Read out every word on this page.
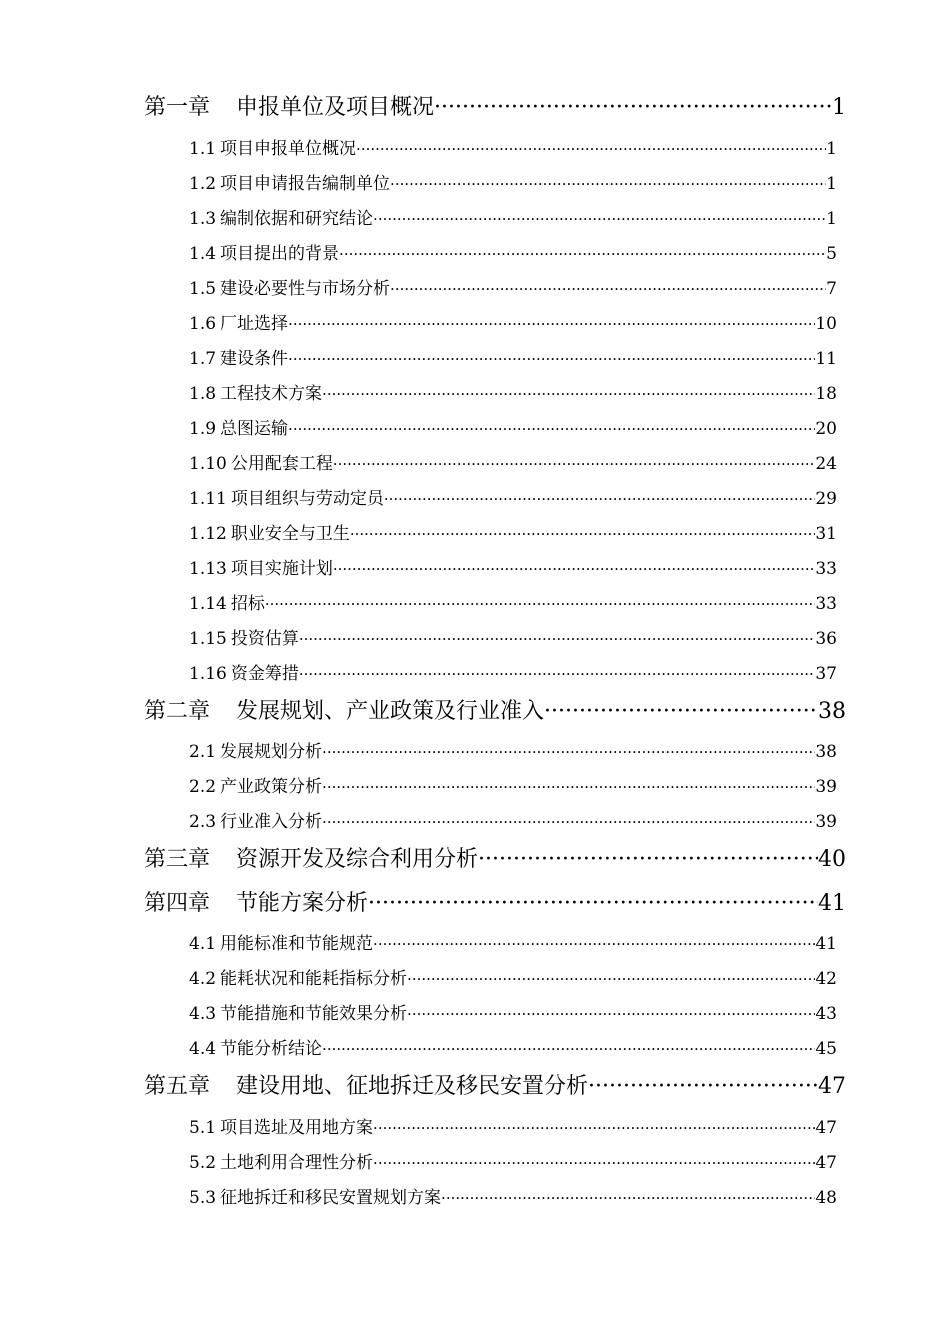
第一章 申报单位及项目概况 ·····	1
1.1 项目申报单位概况 ·····	1
1.2 项目申请报告编制单位 ·····	1
1.3 编制依据和研究结论 ·····	1
1.4 项目提出的背景 ·····	5
1.5 建设必要性与市场分析 ·····	7
1.6 厂址选择 ·····	10
1.7 建设条件 ·····	11
1.8 工程技术方案 ·····	18
1.9 总图运输 ·····	20
1.10 公用配套工程 ·····	24
1.11 项目组织与劳动定员 ·····	29
1.12 职业安全与卫生 ·····	31
1.13 项目实施计划 ·····	33
1.14 招标 ·····	33
1.15 投资估算 ·····	36
1.16 资金筹措 ·····	37
第二章 发展规划、产业政策及行业准入 ·····	38
2.1 发展规划分析 ·····	38
2.2 产业政策分析 ·····	39
2.3 行业准入分析 ·····	39
第三章 资源开发及综合利用分析 ·····	40
第四章 节能方案分析 ·····	41
4.1 用能标准和节能规范 ·····	41
4.2 能耗状况和能耗指标分析 ·····	42
4.3 节能措施和节能效果分析 ·····	43
4.4 节能分析结论 ·····	45
第五章 建设用地、征地拆迁及移民安置分析 ·····	47
5.1 项目选址及用地方案 ·····	47
5.2 土地利用合理性分析 ·····	47
5.3 征地拆迁和移民安置规划方案 ·····	48
